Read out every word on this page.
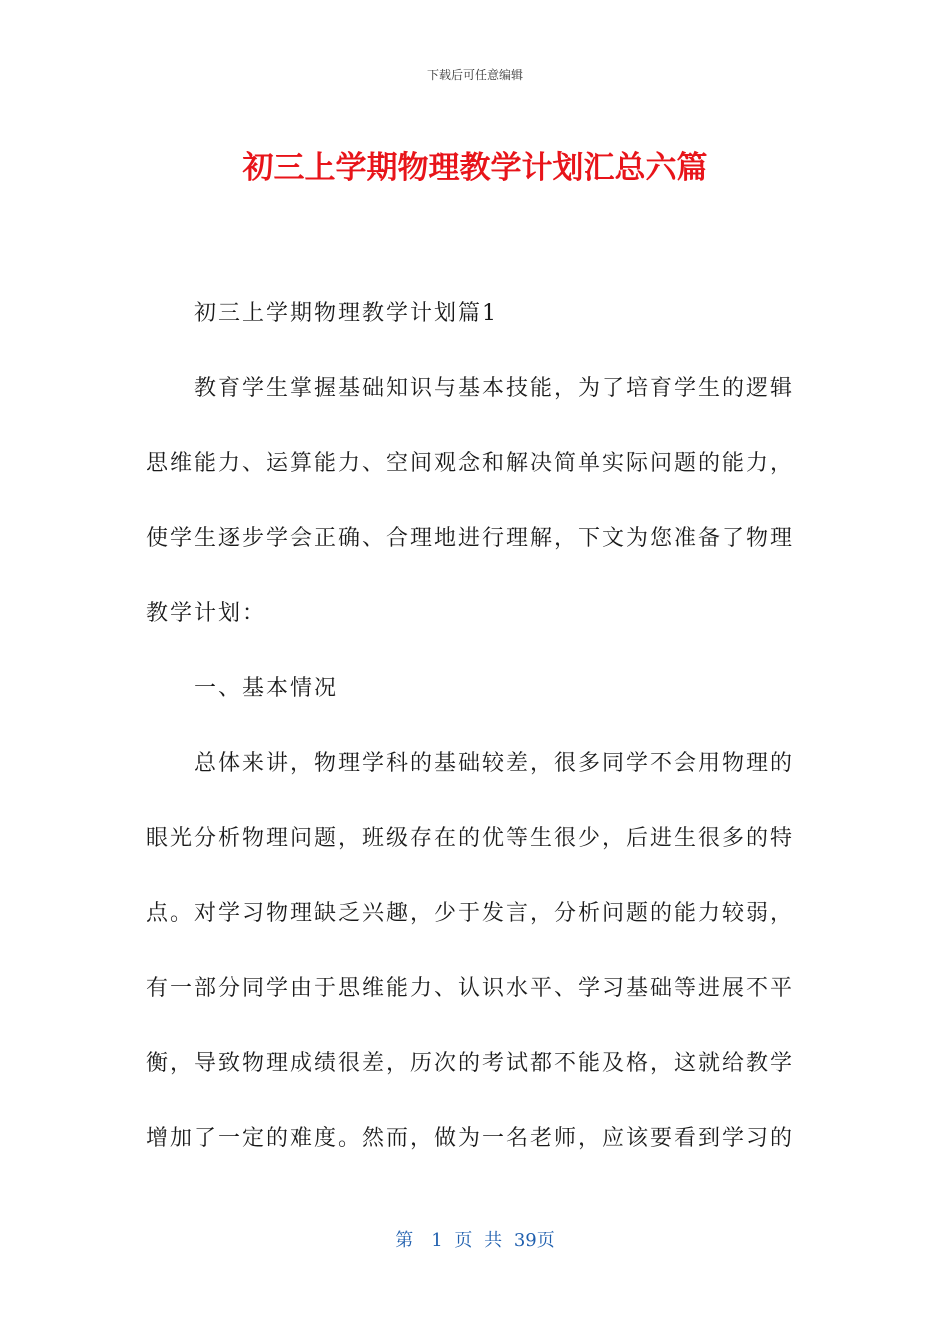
下载后可任意编辑
初三上学期物理教学计划汇总六篇

初三上学期物理教学计划篇1

教育学生掌握基础知识与基本技能，为了培育学生的逻辑思维能力、运算能力、空间观念和解决简单实际问题的能力，使学生逐步学会正确、合理地进行理解，下文为您准备了物理教学计划：

一、基本情况

总体来讲，物理学科的基础较差，很多同学不会用物理的眼光分析物理问题，班级存在的优等生很少，后进生很多的特点。对学习物理缺乏兴趣，少于发言，分析问题的能力较弱，有一部分同学由于思维能力、认识水平、学习基础等进展不平衡，导致物理成绩很差，历次的考试都不能及格，这就给教学增加了一定的难度。然而，做为一名老师，应该要看到学习的

第　1 页 共 39页
